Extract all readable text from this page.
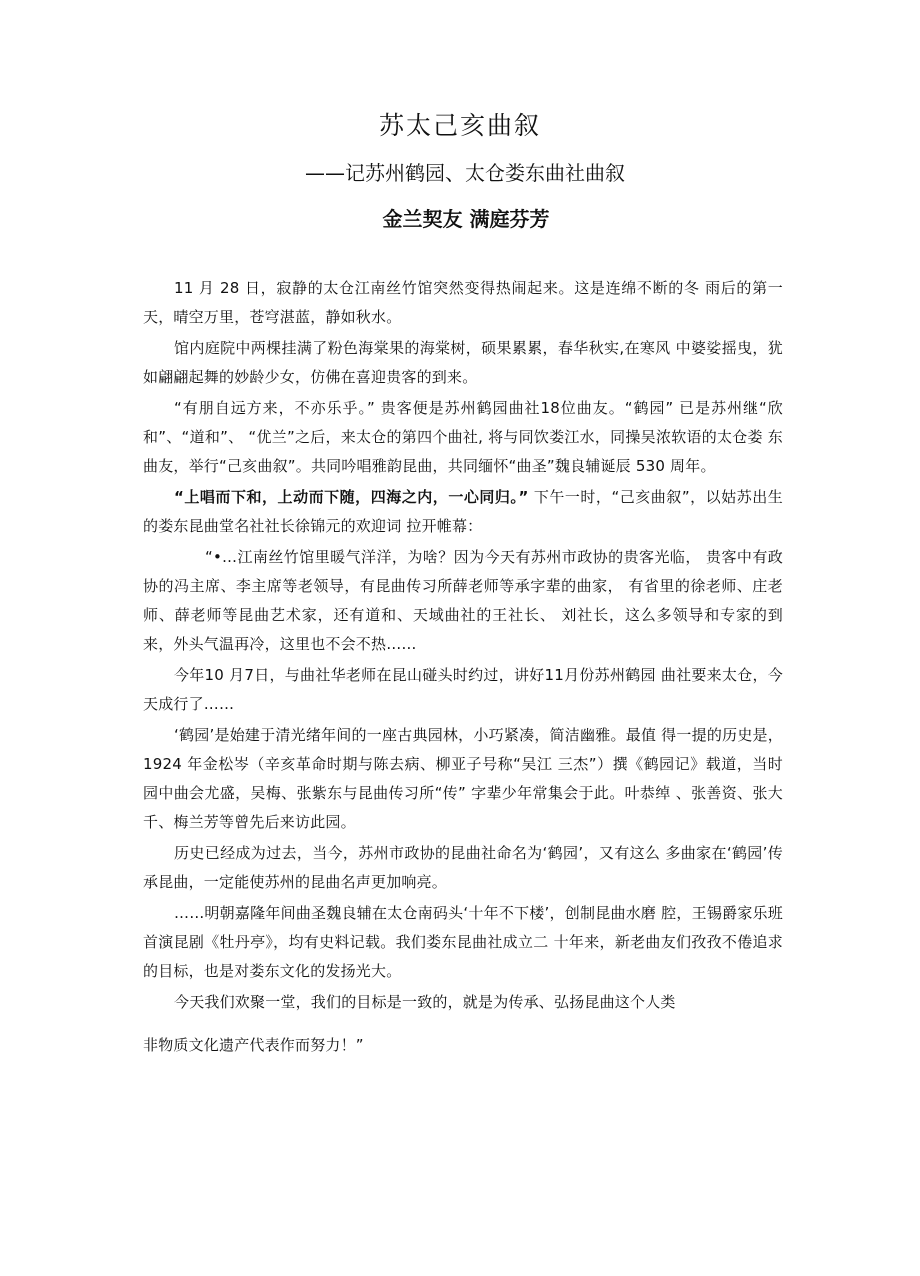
苏太己亥曲叙
——记苏州鹤园、太仓娄东曲社曲叙
金兰契友 满庭芬芳

11 月 28 日，寂静的太仓江南丝竹馆突然变得热闹起来。这是连绵不断的冬 雨后的第一天，晴空万里，苍穹湛蓝，静如秋水。

馆内庭院中两棵挂满了粉色海棠果的海棠树，硕果累累，春华秋实,在寒风 中婆娑摇曳，犹如翩翩起舞的妙龄少女，仿佛在喜迎贵客的到来。

“有朋自远方来，不亦乐乎。” 贵客便是苏州鹤园曲社18位曲友。“鹤园” 已是苏州继“欣和”、“道和”、 “优兰”之后，来太仓的第四个曲社, 将与同饮娄江水，同操吴浓软语的太仓娄 东曲友，举行“己亥曲叙”。共同吟唱雅韵昆曲，共同缅怀“曲圣”魏良辅诞辰 530 周年。

“上唱而下和，上动而下随，四海之内，一心同归。” 下午一时，“己亥曲叙”，以姑苏出生的娄东昆曲堂名社社长徐锦元的欢迎词 拉开帷幕：

“•…江南丝竹馆里暖气洋洋，为啥？因为今天有苏州市政协的贵客光临， 贵客中有政协的冯主席、李主席等老领导，有昆曲传习所薛老师等承字辈的曲家， 有省里的徐老师、庄老师、薛老师等昆曲艺术家，还有道和、天域曲社的王社长、 刘社长，这么多领导和专家的到来，外头气温再冷，这里也不会不热……

今年10 月7日，与曲社华老师在昆山碰头时约过，讲好11月份苏州鹤园 曲社要来太仓，今天成行了……

‘鹤园’是始建于清光绪年间的一座古典园林，小巧紧凑，简洁幽雅。最值 得一提的历史是， 1924 年金松岑（辛亥革命时期与陈去病、柳亚子号称“吴江 三杰”）撰《鹤园记》载道，当时园中曲会尤盛，吴梅、张紫东与昆曲传习所“传” 字辈少年常集会于此。叶恭绰 、张善资、张大千、梅兰芳等曾先后来访此园。

历史已经成为过去，当今，苏州市政协的昆曲社命名为‘鹤园’，又有这么 多曲家在‘鹤园’传承昆曲，一定能使苏州的昆曲名声更加响亮。

……明朝嘉隆年间曲圣魏良辅在太仓南码头‘十年不下楼’，创制昆曲水磨 腔，王锡爵家乐班首演昆剧《牡丹亭》，均有史料记载。我们娄东昆曲社成立二 十年来，新老曲友们孜孜不倦追求的目标，也是对娄东文化的发扬光大。

今天我们欢聚一堂，我们的目标是一致的，就是为传承、弘扬昆曲这个人类

非物质文化遗产代表作而努力！”
